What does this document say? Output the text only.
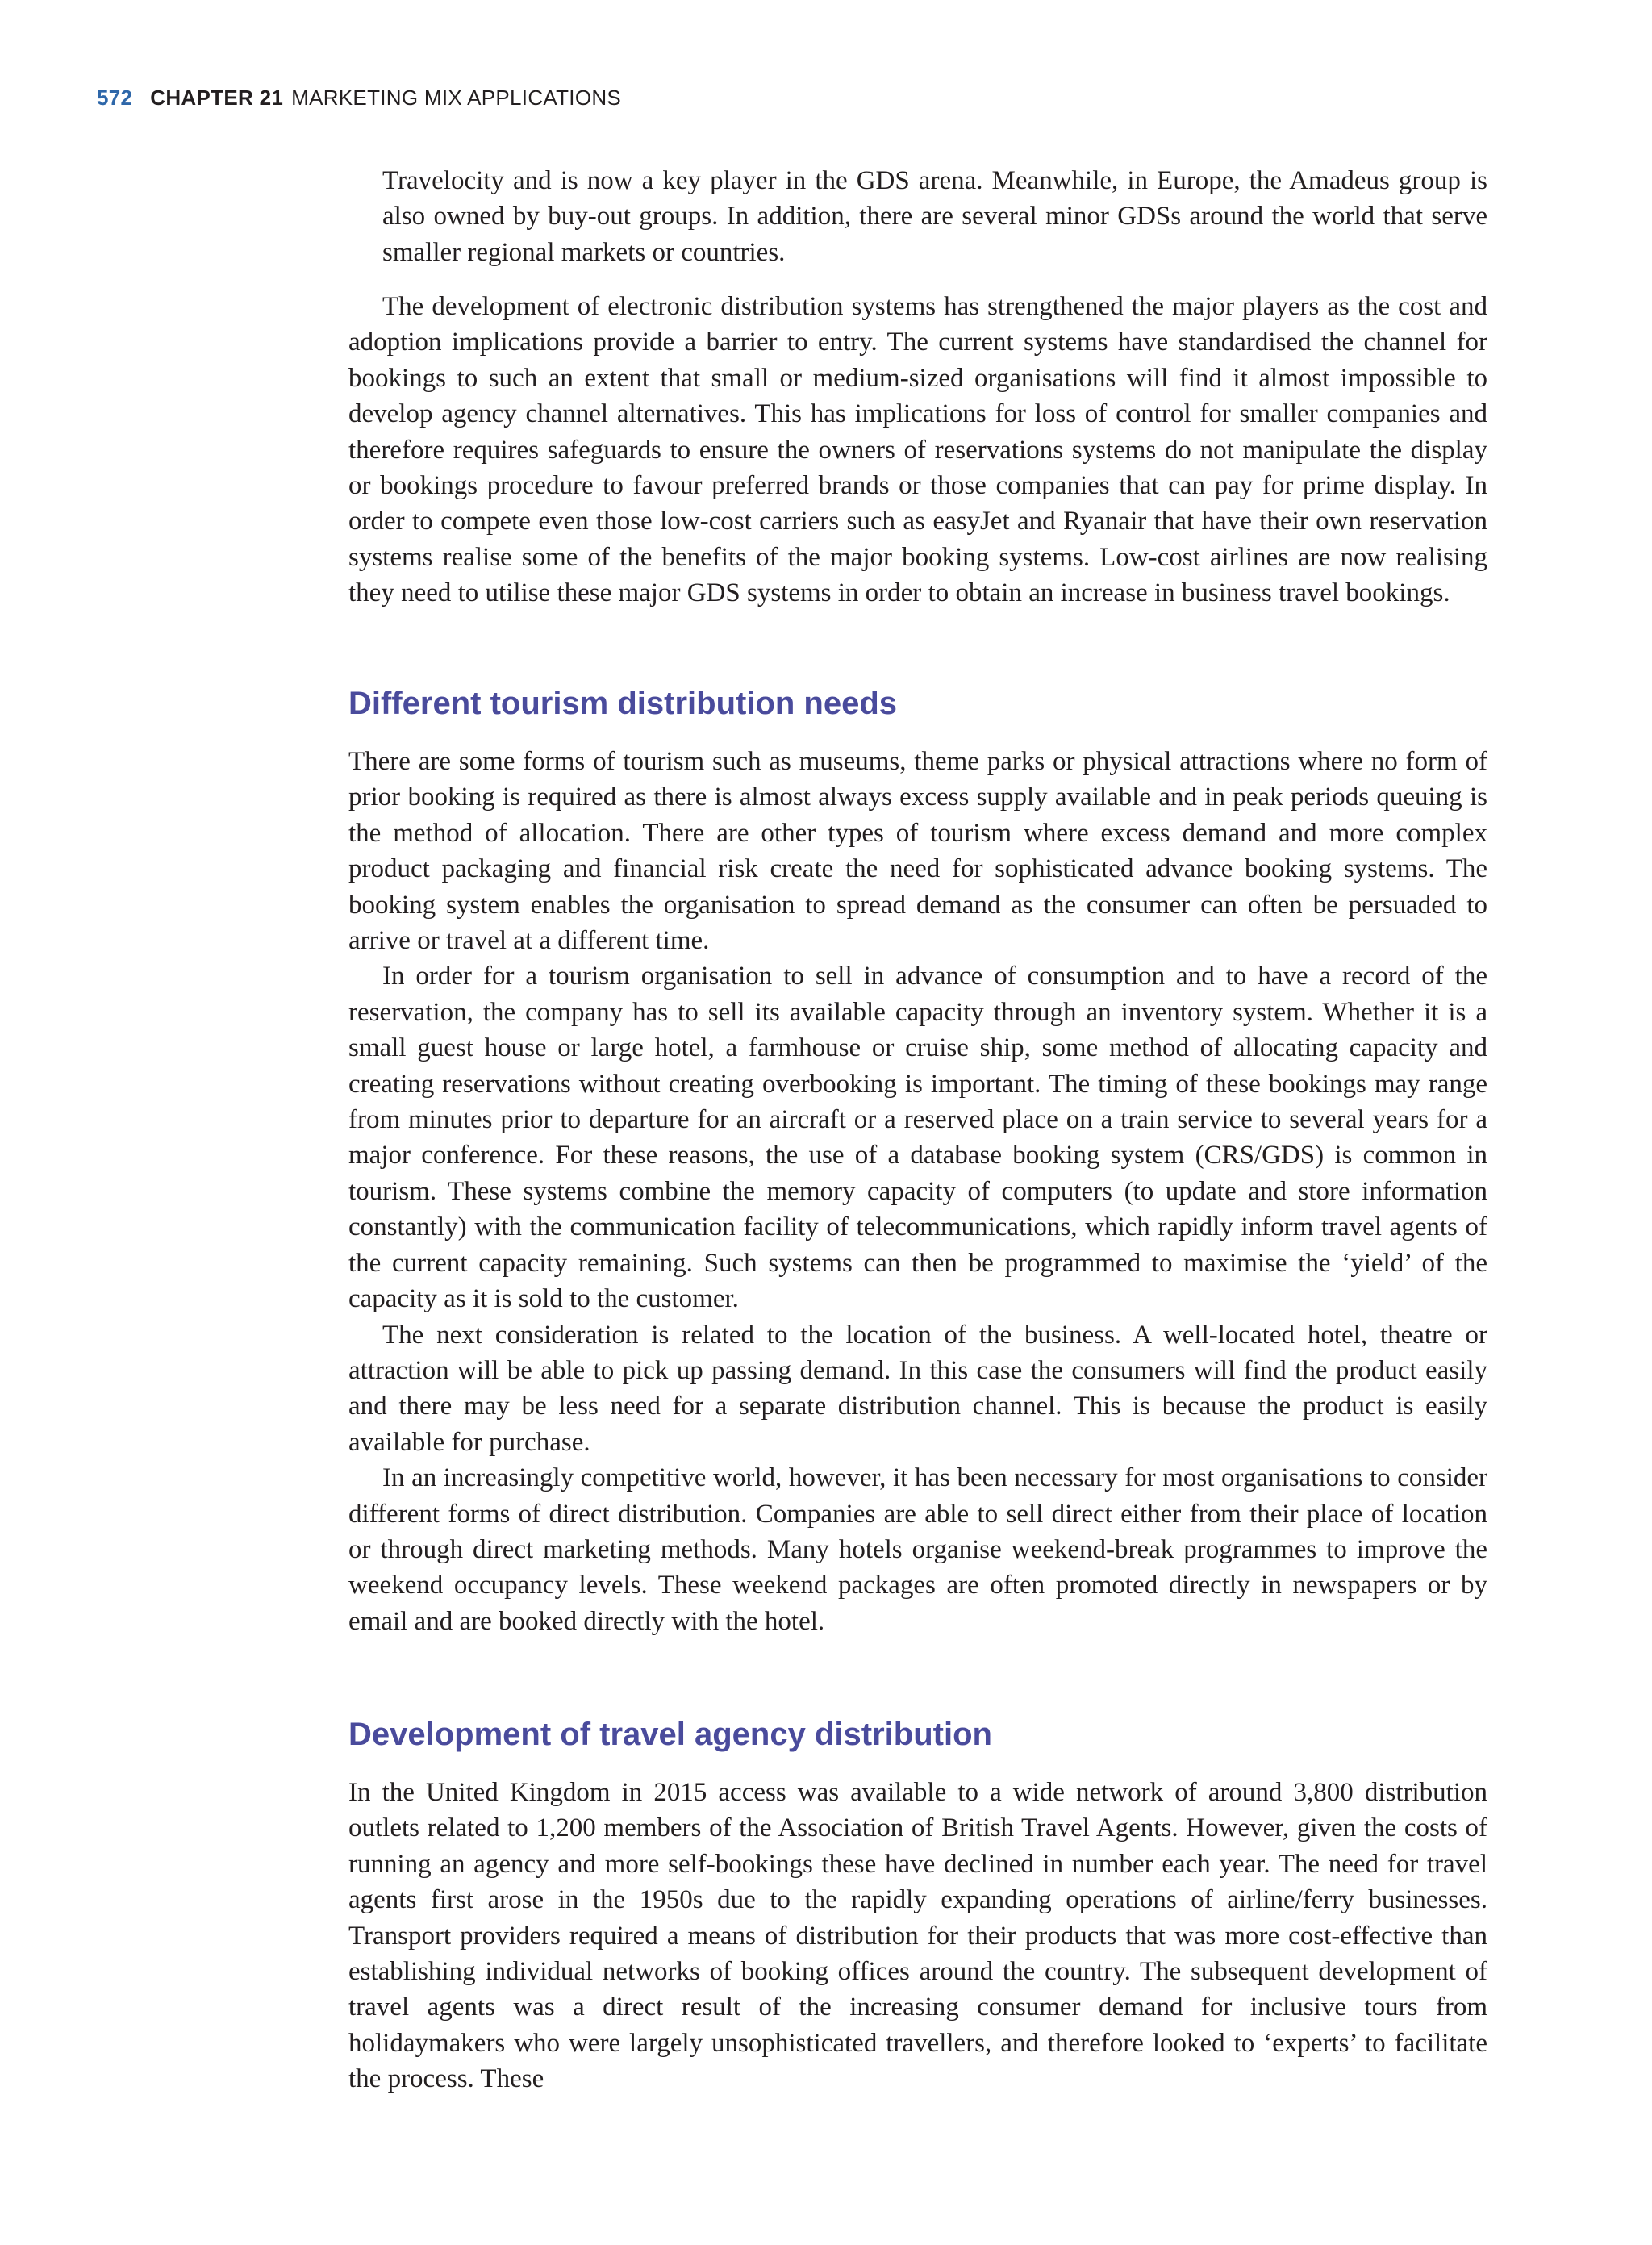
572 CHAPTER 21 MARKETING MIX APPLICATIONS

Travelocity and is now a key player in the GDS arena. Meanwhile, in Europe, the Amadeus group is also owned by buy-out groups. In addition, there are several minor GDSs around the world that serve smaller regional markets or countries.

The development of electronic distribution systems has strengthened the major players as the cost and adoption implications provide a barrier to entry. The current systems have standardised the channel for bookings to such an extent that small or medium-sized organisations will find it almost impossible to develop agency channel alternatives. This has implications for loss of control for smaller companies and therefore requires safeguards to ensure the owners of reservations systems do not manipulate the display or bookings procedure to favour preferred brands or those companies that can pay for prime display. In order to compete even those low-cost carriers such as easyJet and Ryanair that have their own reservation systems realise some of the benefits of the major booking systems. Low-cost airlines are now realising they need to utilise these major GDS systems in order to obtain an increase in business travel bookings.

Different tourism distribution needs

There are some forms of tourism such as museums, theme parks or physical attractions where no form of prior booking is required as there is almost always excess supply available and in peak periods queuing is the method of allocation. There are other types of tourism where excess demand and more complex product packaging and financial risk create the need for sophisticated advance booking systems. The booking system enables the organisation to spread demand as the consumer can often be persuaded to arrive or travel at a different time.

In order for a tourism organisation to sell in advance of consumption and to have a record of the reservation, the company has to sell its available capacity through an inventory system. Whether it is a small guest house or large hotel, a farmhouse or cruise ship, some method of allocating capacity and creating reservations without creating overbooking is important. The timing of these bookings may range from minutes prior to departure for an aircraft or a reserved place on a train service to several years for a major conference. For these reasons, the use of a database booking system (CRS/GDS) is common in tourism. These systems combine the memory capacity of computers (to update and store information constantly) with the communication facility of telecommunications, which rapidly inform travel agents of the current capacity remaining. Such systems can then be programmed to maximise the ‘yield’ of the capacity as it is sold to the customer.

The next consideration is related to the location of the business. A well-located hotel, theatre or attraction will be able to pick up passing demand. In this case the consumers will find the product easily and there may be less need for a separate distribution channel. This is because the product is easily available for purchase.

In an increasingly competitive world, however, it has been necessary for most organisations to consider different forms of direct distribution. Companies are able to sell direct either from their place of location or through direct marketing methods. Many hotels organise weekend-break programmes to improve the weekend occupancy levels. These weekend packages are often promoted directly in newspapers or by email and are booked directly with the hotel.

Development of travel agency distribution

In the United Kingdom in 2015 access was available to a wide network of around 3,800 distribution outlets related to 1,200 members of the Association of British Travel Agents. However, given the costs of running an agency and more self-bookings these have declined in number each year. The need for travel agents first arose in the 1950s due to the rapidly expanding operations of airline/ferry businesses. Transport providers required a means of distribution for their products that was more cost-effective than establishing individual networks of booking offices around the country. The subsequent development of travel agents was a direct result of the increasing consumer demand for inclusive tours from holidaymakers who were largely unsophisticated travellers, and therefore looked to ‘experts’ to facilitate the process. These
